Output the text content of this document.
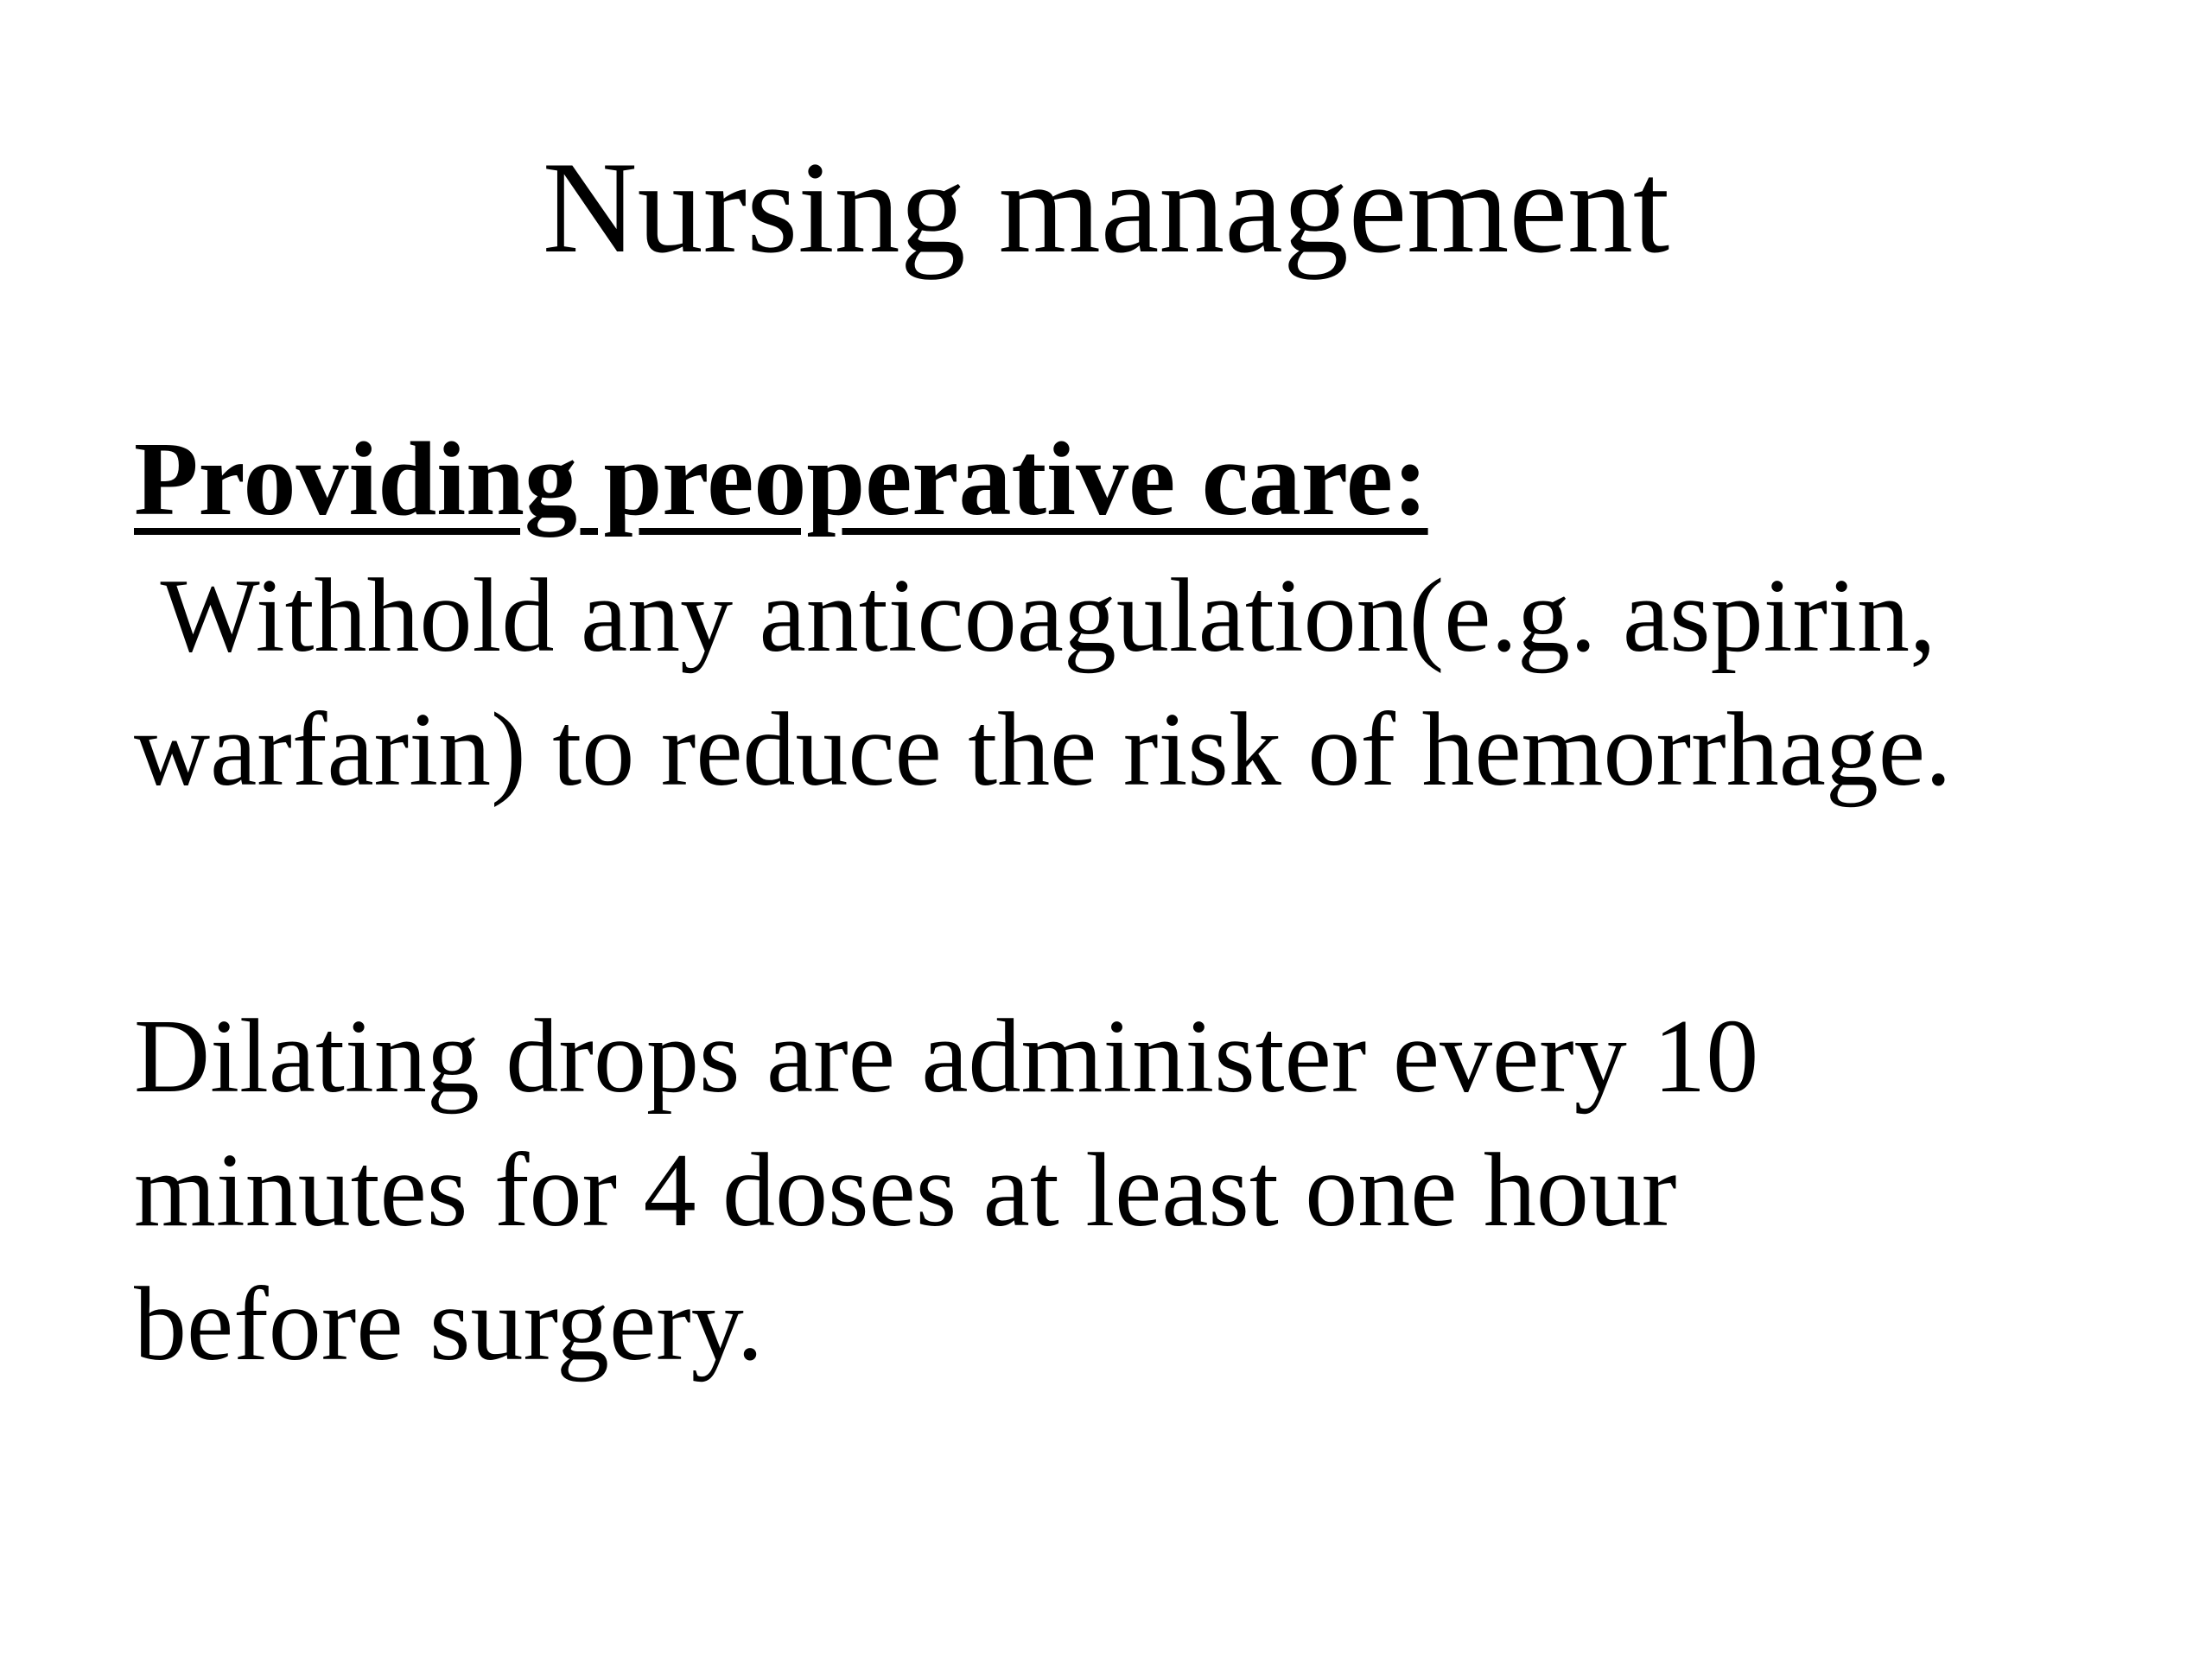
Nursing management
Providing preoperative care:

Withhold any anticoagulation(e.g. aspirin, warfarin) to reduce the risk of hemorrhage.

Dilating drops are administer every 10 minutes for 4 doses at least one hour before surgery.
